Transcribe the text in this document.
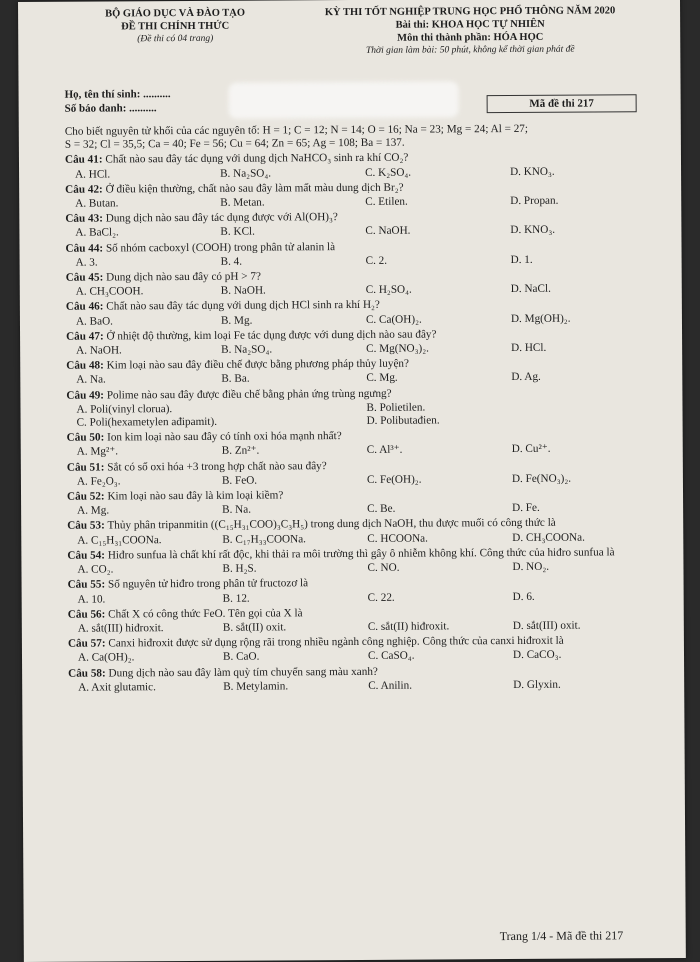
BỘ GIÁO DỤC VÀ ĐÀO TẠO
ĐỀ THI CHÍNH THỨC
(Đề thi có 04 trang)
KỲ THI TỐT NGHIỆP TRUNG HỌC PHỔ THÔNG NĂM 2020
Bài thi: KHOA HỌC TỰ NHIÊN
Môn thi thành phần: HÓA HỌC
Thời gian làm bài: 50 phút, không kể thời gian phát đề
Họ, tên thí sinh: ..........
Số báo danh: ..........	Mã đề thi 217
Cho biết nguyên tử khối của các nguyên tố: H = 1; C = 12; N = 14; O = 16; Na = 23; Mg = 24; Al = 27;
S = 32; Cl = 35,5; Ca = 40; Fe = 56; Cu = 64; Zn = 65; Ag = 108; Ba = 137.
Câu 41: Chất nào sau đây tác dụng với dung dịch NaHCO₃ sinh ra khí CO₂?
A. HCl.	B. Na₂SO₄.	C. K₂SO₄.	D. KNO₃.
Câu 42: Ở điều kiện thường, chất nào sau đây làm mất màu dung dịch Br₂?
A. Butan.	B. Metan.	C. Etilen.	D. Propan.
Câu 43: Dung dịch nào sau đây tác dụng được với Al(OH)₃?
A. BaCl₂.	B. KCl.	C. NaOH.	D. KNO₃.
Câu 44: Số nhóm cacboxyl (COOH) trong phân tử alanin là
A. 3.	B. 4.	C. 2.	D. 1.
Câu 45: Dung dịch nào sau đây có pH > 7?
A. CH₃COOH.	B. NaOH.	C. H₂SO₄.	D. NaCl.
Câu 46: Chất nào sau đây tác dụng với dung dịch HCl sinh ra khí H₂?
A. BaO.	B. Mg.	C. Ca(OH)₂.	D. Mg(OH)₂.
Câu 47: Ở nhiệt độ thường, kim loại Fe tác dụng được với dung dịch nào sau đây?
A. NaOH.	B. Na₂SO₄.	C. Mg(NO₃)₂.	D. HCl.
Câu 48: Kim loại nào sau đây điều chế được bằng phương pháp thủy luyện?
A. Na.	B. Ba.	C. Mg.	D. Ag.
Câu 49: Polime nào sau đây được điều chế bằng phản ứng trùng ngưng?
A. Poli(vinyl clorua).	B. Polietilen.
C. Poli(hexametylen ađipamit).	D. Polibutađien.
Câu 50: Ion kim loại nào sau đây có tính oxi hóa mạnh nhất?
A. Mg²⁺.	B. Zn²⁺.	C. Al³⁺.	D. Cu²⁺.
Câu 51: Sắt có số oxi hóa +3 trong hợp chất nào sau đây?
A. Fe₂O₃.	B. FeO.	C. Fe(OH)₂.	D. Fe(NO₃)₂.
Câu 52: Kim loại nào sau đây là kim loại kiềm?
A. Mg.	B. Na.	C. Be.	D. Fe.
Câu 53: Thủy phân tripanmitin ((C₁₅H₃₁COO)₃C₃H₅) trong dung dịch NaOH, thu được muối có công thức là
A. C₁₅H₃₁COONa.	B. C₁₇H₃₃COONa.	C. HCOONa.	D. CH₃COONa.
Câu 54: Hiđro sunfua là chất khí rất độc, khi thải ra môi trường thì gây ô nhiễm không khí. Công thức của hiđro sunfua là
A. CO₂.	B. H₂S.	C. NO.	D. NO₂.
Câu 55: Số nguyên tử hiđro trong phân tử fructozơ là
A. 10.	B. 12.	C. 22.	D. 6.
Câu 56: Chất X có công thức FeO. Tên gọi của X là
A. sắt(III) hiđroxit.	B. sắt(II) oxit.	C. sắt(II) hiđroxit.	D. sắt(III) oxit.
Câu 57: Canxi hiđroxit được sử dụng rộng rãi trong nhiều ngành công nghiệp. Công thức của canxi hiđroxit là
A. Ca(OH)₂.	B. CaO.	C. CaSO₄.	D. CaCO₃.
Câu 58: Dung dịch nào sau đây làm quỳ tím chuyển sang màu xanh?
A. Axit glutamic.	B. Metylamin.	C. Anilin.	D. Glyxin.
Trang 1/4 - Mã đề thi 217
